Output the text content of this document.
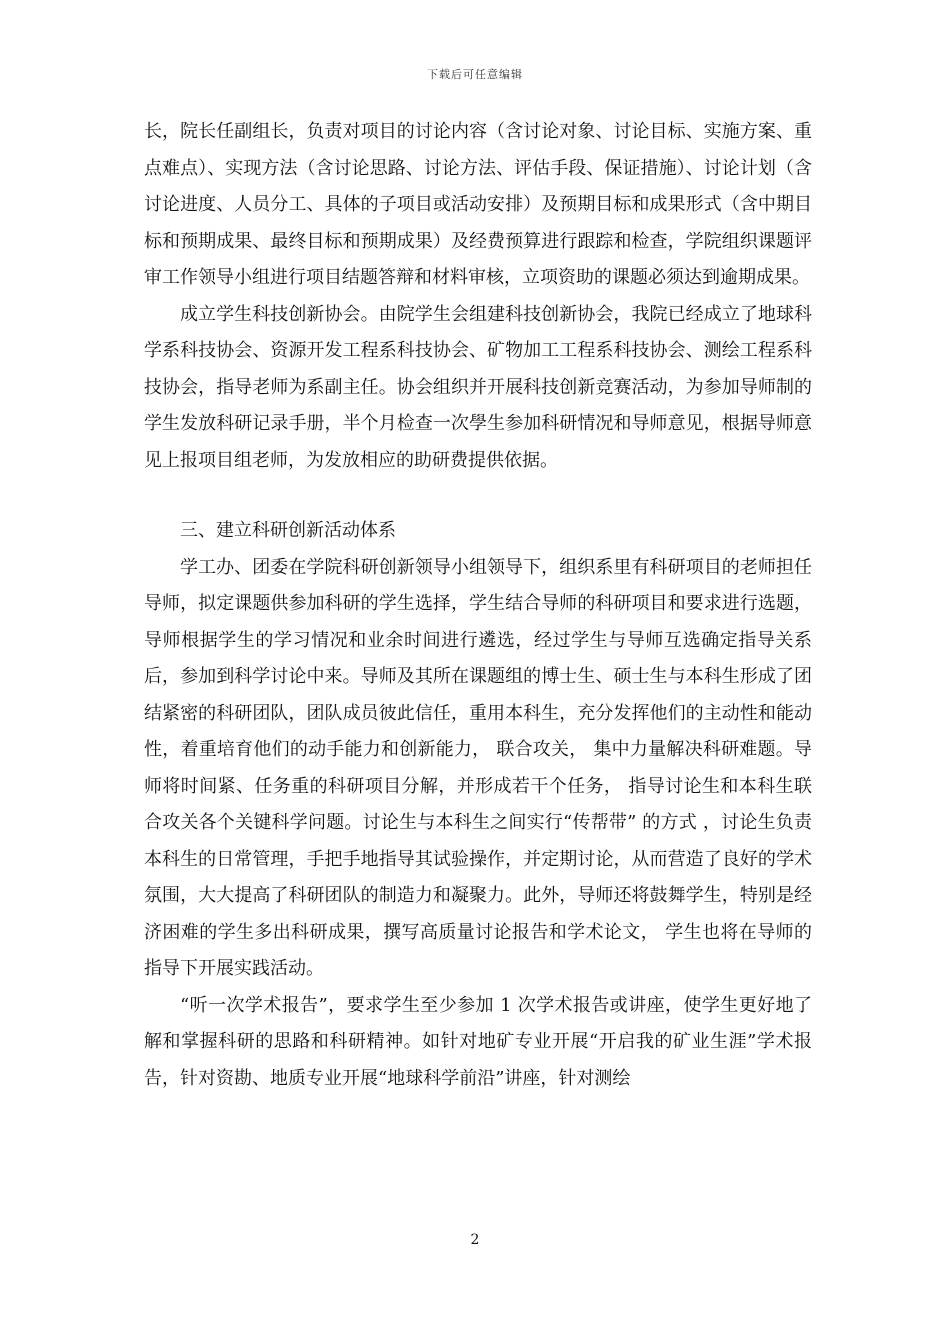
下载后可任意编辑

长，院长任副组长，负责对项目的讨论内容（含讨论对象、讨论目标、实施方案、重点难点）、实现方法（含讨论思路、讨论方法、评估手段、保证措施）、讨论计划（含讨论进度、人员分工、具体的子项目或活动安排）及预期目标和成果形式（含中期目标和预期成果、最终目标和预期成果）及经费预算进行跟踪和检查，学院组织课题评审工作领导小组进行项目结题答辩和材料审核，立项资助的课题必须达到逾期成果。

成立学生科技创新协会。由院学生会组建科技创新协会，我院已经成立了地球科学系科技协会、资源开发工程系科技协会、矿物加工工程系科技协会、测绘工程系科技协会，指导老师为系副主任。协会组织并开展科技创新竞赛活动，为参加导师制的学生发放科研记录手册，半个月检查一次學生参加科研情况和导师意见，根据导师意见上报项目组老师，为发放相应的助研费提供依据。

三、建立科研创新活动体系

学工办、团委在学院科研创新领导小组领导下，组织系里有科研项目的老师担任导师，拟定课题供参加科研的学生选择，学生结合导师的科研项目和要求进行选题，导师根据学生的学习情况和业余时间进行遴选，经过学生与导师互选确定指导关系后，参加到科学讨论中来。导师及其所在课题组的博士生、硕士生与本科生形成了团结紧密的科研团队，团队成员彼此信任，重用本科生，充分发挥他们的主动性和能动性，着重培育他们的动手能力和创新能力， 联合攻关， 集中力量解决科研难题。导师将时间紧、任务重的科研项目分解，并形成若干个任务， 指导讨论生和本科生联合攻关各个关键科学问题。讨论生与本科生之间实行“传帮带” 的方式 ，讨论生负责本科生的日常管理，手把手地指导其试验操作，并定期讨论，从而营造了良好的学术氛围，大大提高了科研团队的制造力和凝聚力。此外，导师还将鼓舞学生，特别是经济困难的学生多出科研成果，撰写高质量讨论报告和学术论文， 学生也将在导师的指导下开展实践活动。

“听一次学术报告”，要求学生至少参加 1 次学术报告或讲座，使学生更好地了解和掌握科研的思路和科研精神。如针对地矿专业开展“开启我的矿业生涯”学术报告，针对资勘、地质专业开展“地球科学前沿”讲座，针对测绘

2
